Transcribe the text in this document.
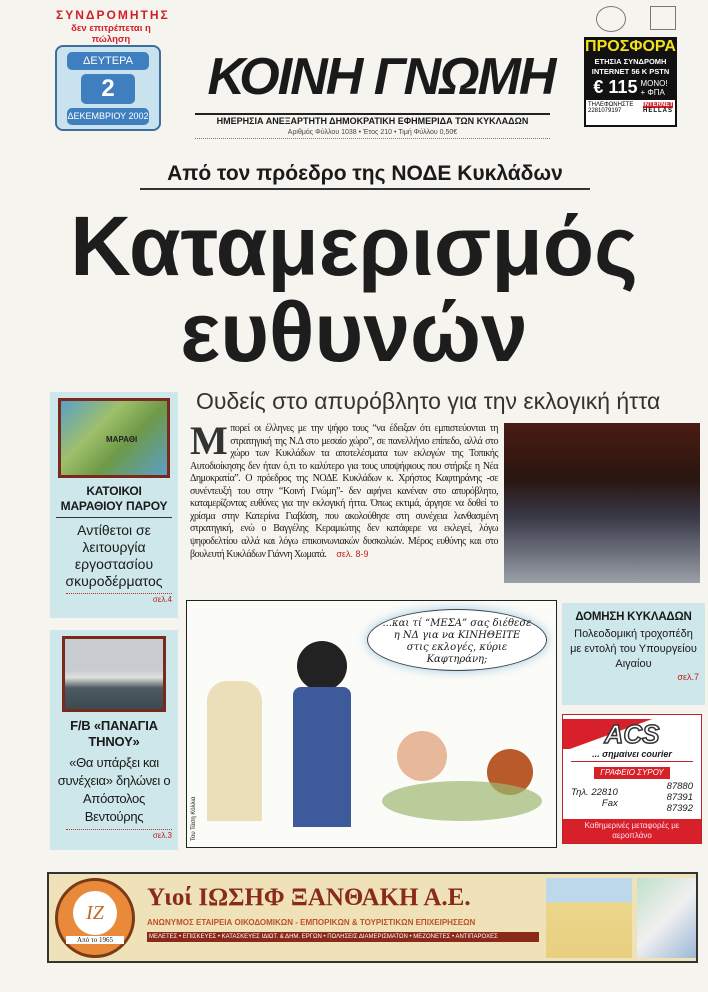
ΣΥΝΔΡΟΜΗΤΗΣ
δεν επιτρέπεται η πώληση
ΔΕΥΤΕΡΑ
2
ΔΕΚΕΜΒΡΙΟΥ 2002
ΚΟΙΝΗ ΓΝΩΜΗ
ΗΜΕΡΗΣΙΑ ΑΝΕΞΑΡΤΗΤΗ ΔΗΜΟΚΡΑΤΙΚΗ ΕΦΗΜΕΡΙΔΑ ΤΩΝ ΚΥΚΛΑΔΩΝ
Αριθμός Φύλλου 1038 • Έτος 210 • Τιμή Φύλλου 0,50€
ΠΡΟΣΦΟΡΑ
ΕΤΗΣΙΑ ΣΥΝΔΡΟΜΗ
INTERNET 56 K PSTN
€ 115 ΜΟΝΟ!
+ ΦΠΑ
ΤΗΛΕΦΩΝΗΣΤΕ
2281079197
INTERNET
HELLAS
Από τον πρόεδρο της ΝΟΔΕ Κυκλάδων
Καταμερισμός
ευθυνών
Ουδείς στο απυρόβλητο για την εκλογική ήττα
Μπορεί οι έλληνες με την ψήφο τους “να έδειξαν ότι εμπιστεύονται τη στρατηγική της Ν.Δ στο μεσαίο χώρο”, σε πανελλήνιο επίπεδο, αλλά στο χώρο των Κυκλάδων τα αποτελέσματα των εκλογών της Τοπικής Αυτοδιοίκησης δεν ήταν ό,τι το καλύτερο για τους υποψήφιους που στήριξε η Νέα Δημοκρατία”. Ο πρόεδρος της ΝΟΔΕ Κυκλάδων κ. Χρήστος Καφτηράνης -σε συνέντευξή του στην “Κοινή Γνώμη”- δεν αφήνει κανέναν στο απυρόβλητο, καταμερίζοντας ευθύνες για την εκλογική ήττα. Όπως εκτιμά, άργησε να δοθεί το χρίσμα στην Κατερίνα Γιαβάση, που ακολούθησε στη συνέχεια λανθασμένη στρατηγική, ενώ ο Βαγγέλης Κεραμιώτης δεν κατάφερε να εκλεγεί, λόγω ψηφοδελτίου αλλά και λόγω επικοινωνιακών δυσκολιών. Μέρος ευθύνης και στο βουλευτή Κυκλάδων Γιάννη Χωματά. σελ. 8-9
ΜΑΡΑΘΙ
ΚΑΤΟΙΚΟΙ ΜΑΡΑΘΙΟΥ ΠΑΡΟΥ
Αντίθετοι σε λειτουργία εργοστασίου σκυροδέρματος
σελ.4
F/B «ΠΑΝΑΓΙΑ ΤΗΝΟΥ»
«Θα υπάρξει και συνέχεια» δηλώνει ο Απόστολος Βεντούρης
σελ.3
...και τί “ΜΕΣΑ” σας διέθεσε η ΝΔ για να ΚΙΝΗΘΕΙΤΕ στις εκλογές, κύριε Καφτηράνη;
Του Τάση Κόλλια
ΔΟΜΗΣΗ ΚΥΚΛΑΔΩΝ
Πολεοδομική τροχοπέδη με εντολή του Υπουργείου Αιγαίου
σελ.7
ACS
... σημαίνει courier
ΓΡΑΦΕΙΟ ΣΥΡΟΥ
Τηλ. 22810
Fax
87880
87391
87392
Καθημερινές μεταφορές με αεροπλάνο
IZ
Από το 1965
Υιοί ΙΩΣΗΦ ΞΑΝΘΑΚΗ Α.Ε.
ΑΝΩΝΥΜΟΣ ΕΤΑΙΡΕΙΑ ΟΙΚΟΔΟΜΙΚΩΝ - ΕΜΠΟΡΙΚΩΝ & ΤΟΥΡΙΣΤΙΚΩΝ ΕΠΙΧΕΙΡΗΣΕΩΝ
ΜΕΛΕΤΕΣ • ΕΠΙΣΚΕΥΕΣ • ΚΑΤΑΣΚΕΥΕΣ ΙΔΙΩΤ. & ΔΗΜ. ΕΡΓΩΝ • ΠΩΛΗΣΕΙΣ ΔΙΑΜΕΡΙΣΜΑΤΩΝ • ΜΕΖΟΝΕΤΕΣ • ΑΝΤΙΠΑΡΟΧΕΣ
